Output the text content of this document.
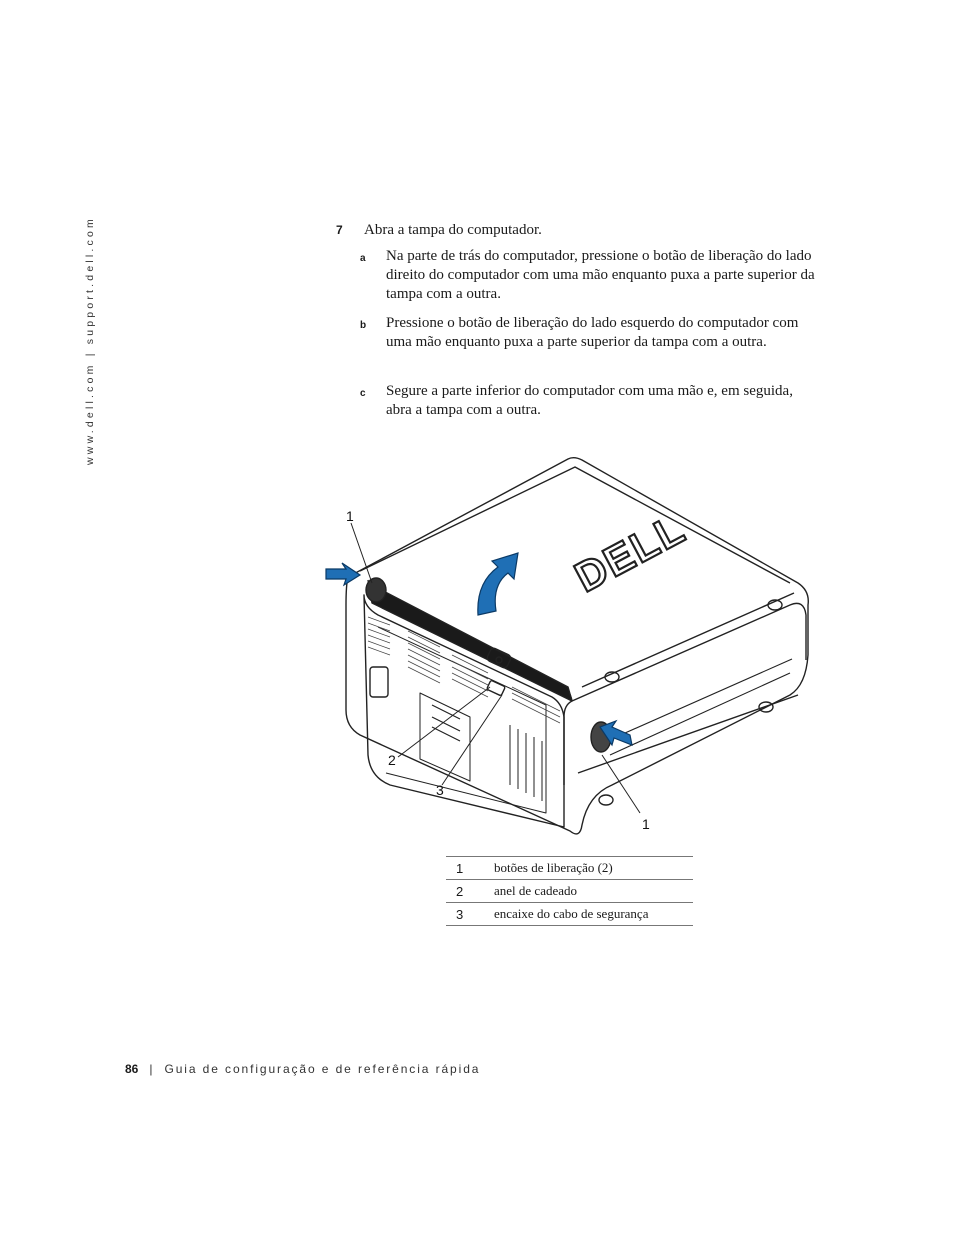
www.dell.com | support.dell.com	7 Abra a tampa do computador.
a Na parte de trás do computador, pressione o botão de liberação do lado direito do computador com uma mão enquanto puxa a parte superior da tampa com a outra.
b Pressione o botão de liberação do lado esquerdo do computador com uma mão enquanto puxa a parte superior da tampa com a outra.
c Segure a parte inferior do computador com uma mão e, em seguida, abra a tampa com a outra.
DELL
1
2
3
1
1	botões de liberação (2)
2	anel de cadeado
3	encaixe do cabo de segurança
86 | Guia de configuração e de referência rápida
